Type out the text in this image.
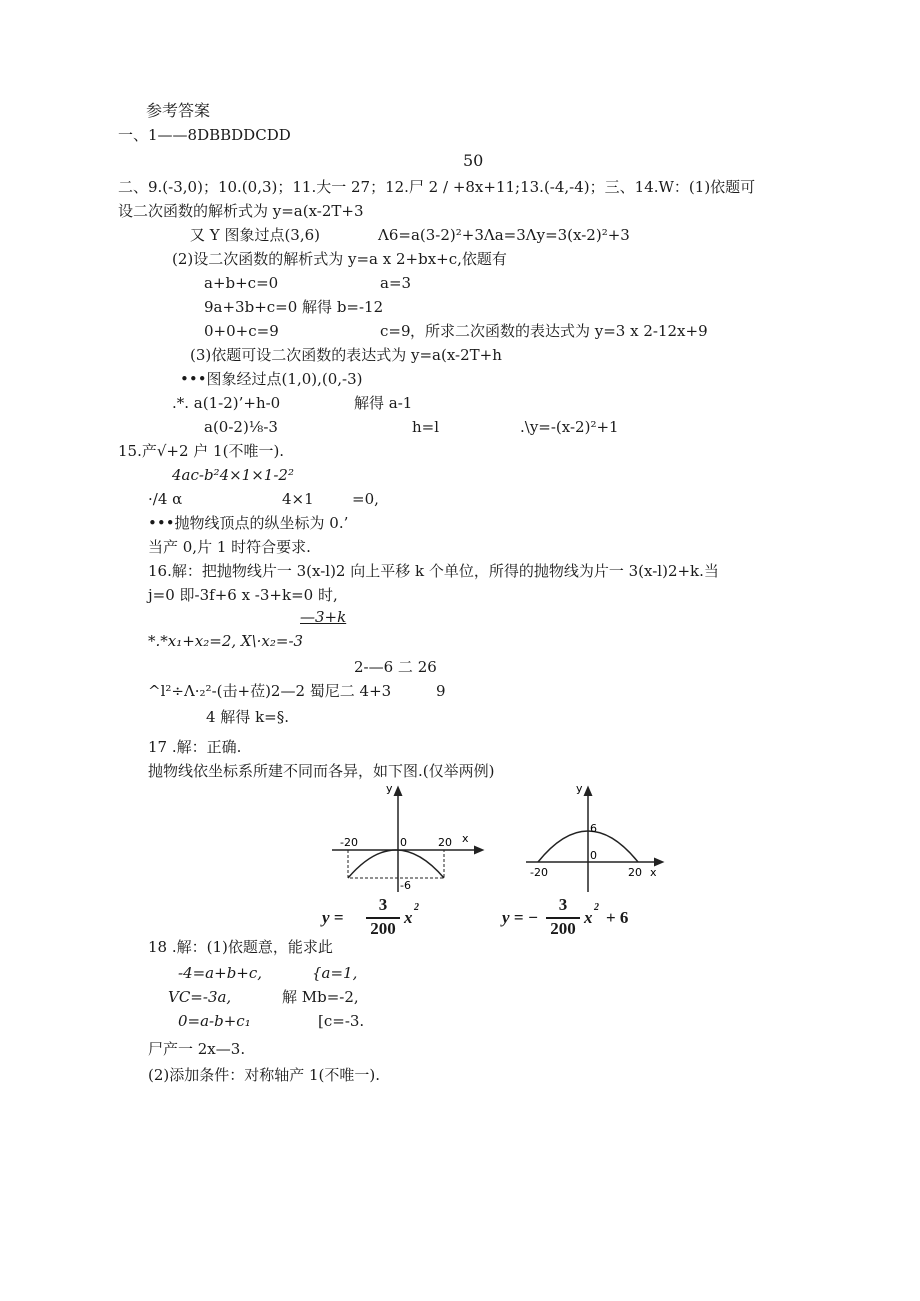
参考答案
一、1——8DBBDDCDD
50
二、9.(-3,0)；10.(0,3)；11.大一 27；12.尸 2 / +8x+11;13.(-4,-4)；三、14.W：(1)依题可
设二次函数的解析式为 y=a(x-2T+3
又 Y 图象过点(3,6)	Λ6=a(3-2)²+3Λa=3Λy=3(x-2)²+3
(2)设二次函数的解析式为 y=a x 2+bx+c,依题有
a+b+c=0	a=3
9a+3b+c=0 解得 b=-12
0+0+c=9	c=9 ，所求二次函数的表达式为 y=3 x 2-12x+9
(3)依题可设二次函数的表达式为 y=a(x-2T+h
•••图象经过点(1,0),(0,-3)
.*. a(1-2)’+h-0	解得 a-1
a(0-2)⅛-3	h=l	.\y=-(x-2)²+1
15.产√+2 户 1(不唯一).
4ac-b²4×1×1-2²
·/4 α	4×1	=0,
•••抛物线顶点的纵坐标为 0.’
当产 0,片 1 时符合要求.
16.解：把抛物线片一 3(x-l)2 向上平移 k 个单位，所得的抛物线为片一 3(x-l)2+k.当
j=0 即-3f+6 x -3+k=0 时,
—3+k
*.*x₁+x₂=2, X\·x₂=-3
2-—6 二 26
^l²÷Λ·₂²-(击+莅)2—2 蜀尼二 4+3	9
4 解得 k=§.
17 .解：正确.
抛物线依坐标系所建不同而各异，如下图.(仅举两例)
y
x
-20	0	20
-6
y
x
-20
0
20
6
y =
3
200
x
2
y = −
3
200
x
2
+ 6
18 .解：(1)依题意，能求此
-4=a+b+c,	{a=1,
VC=-3a,	解 Mb=-2,
0=a-b+c₁	[c=-3.
尸产一 2x—3.
(2)添加条件：对称轴产 1(不唯一).
